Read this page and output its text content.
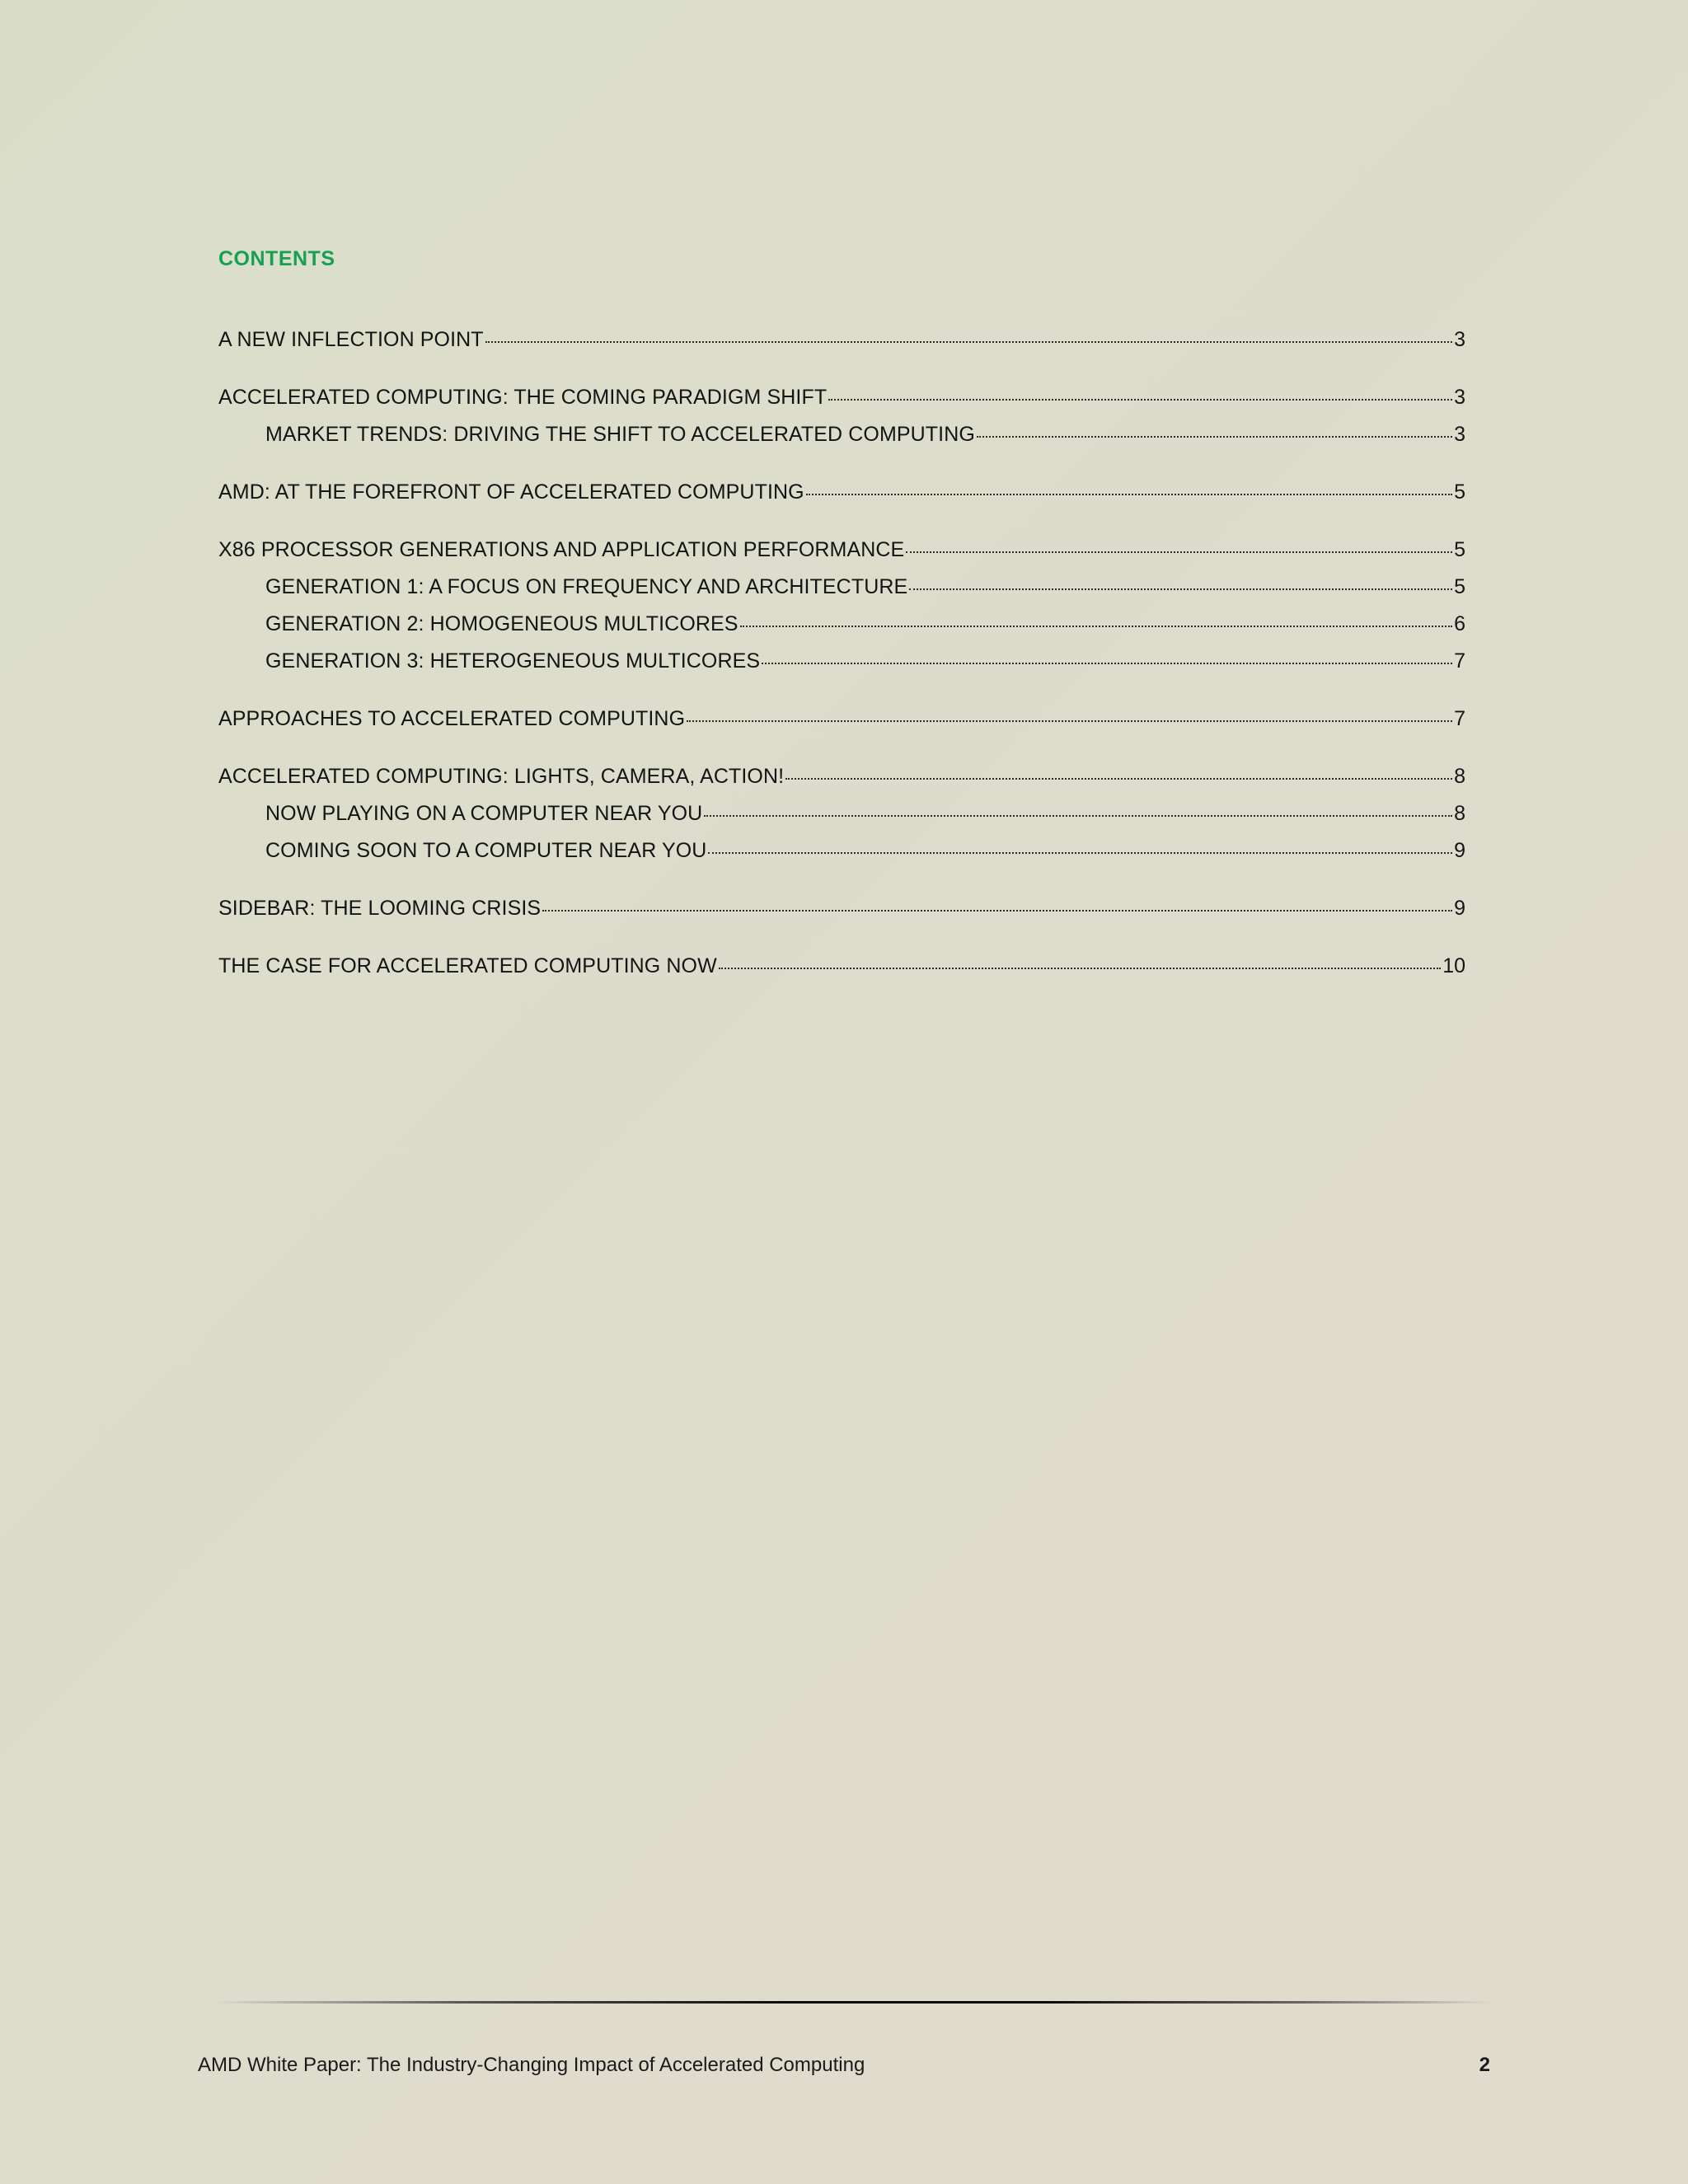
CONTENTS
A NEW INFLECTION POINT	3
ACCELERATED COMPUTING: THE COMING PARADIGM SHIFT	3
MARKET TRENDS: DRIVING THE SHIFT TO ACCELERATED COMPUTING	3
AMD: AT THE FOREFRONT OF ACCELERATED COMPUTING	5
X86 PROCESSOR GENERATIONS AND APPLICATION PERFORMANCE	5
GENERATION 1: A FOCUS ON FREQUENCY AND ARCHITECTURE	5
GENERATION 2: HOMOGENEOUS MULTICORES	6
GENERATION 3: HETEROGENEOUS MULTICORES	7
APPROACHES TO ACCELERATED COMPUTING	7
ACCELERATED COMPUTING: LIGHTS, CAMERA, ACTION!	8
NOW PLAYING ON A COMPUTER NEAR YOU	8
COMING SOON TO A COMPUTER NEAR YOU	9
SIDEBAR: THE LOOMING CRISIS	9
THE CASE FOR ACCELERATED COMPUTING NOW	10
AMD White Paper: The Industry-Changing Impact of Accelerated Computing	2
